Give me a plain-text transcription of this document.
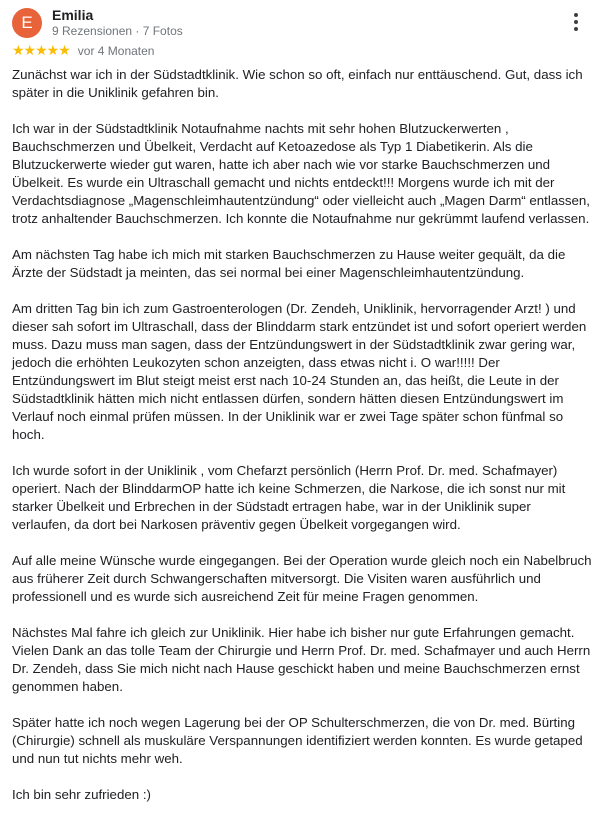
E	Emilia
9 Rezensionen · 7 Fotos
★★★★★ vor 4 Monaten

Zunächst war ich in der Südstadtklinik. Wie schon so oft, einfach nur enttäuschend. Gut, dass ich später in die Uniklinik gefahren bin.

Ich war in der Südstadtklinik Notaufnahme nachts mit sehr hohen Blutzuckerwerten , Bauchschmerzen und Übelkeit, Verdacht auf Ketoazedose als Typ 1 Diabetikerin. Als die Blutzuckerwerte wieder gut waren, hatte ich aber nach wie vor starke Bauchschmerzen und Übelkeit. Es wurde ein Ultraschall gemacht und nichts entdeckt!!! Morgens wurde ich mit der Verdachtsdiagnose „Magenschleimhautentzündung“ oder vielleicht auch „Magen Darm“ entlassen, trotz anhaltender Bauchschmerzen. Ich konnte die Notaufnahme nur gekrümmt laufend verlassen.

Am nächsten Tag habe ich mich mit starken Bauchschmerzen zu Hause weiter gequält, da die Ärzte der Südstadt ja meinten, das sei normal bei einer Magenschleimhautentzündung.

Am dritten Tag bin ich zum Gastroenterologen (Dr. Zendeh, Uniklinik, hervorragender Arzt! ) und dieser sah sofort im Ultraschall, dass der Blinddarm stark entzündet ist und sofort operiert werden muss. Dazu muss man sagen, dass der Entzündungswert in der Südstadtklinik zwar gering war, jedoch die erhöhten Leukozyten schon anzeigten, dass etwas nicht i. O war!!!!! Der Entzündungswert im Blut steigt meist erst nach 10-24 Stunden an, das heißt, die Leute in der Südstadtklinik hätten mich nicht entlassen dürfen, sondern hätten diesen Entzündungswert im Verlauf noch einmal prüfen müssen. In der Uniklinik war er zwei Tage später schon fünfmal so hoch.

Ich wurde sofort in der Uniklinik , vom Chefarzt persönlich (Herrn Prof. Dr. med. Schafmayer) operiert. Nach der BlinddarmOP hatte ich keine Schmerzen, die Narkose, die ich sonst nur mit starker Übelkeit und Erbrechen in der Südstadt ertragen habe, war in der Uniklinik super verlaufen, da dort bei Narkosen präventiv gegen Übelkeit vorgegangen wird.

Auf alle meine Wünsche wurde eingegangen. Bei der Operation wurde gleich noch ein Nabelbruch aus früherer Zeit durch Schwangerschaften mitversorgt. Die Visiten waren ausführlich und professionell und es wurde sich ausreichend Zeit für meine Fragen genommen.

Nächstes Mal fahre ich gleich zur Uniklinik. Hier habe ich bisher nur gute Erfahrungen gemacht. Vielen Dank an das tolle Team der Chirurgie und Herrn Prof. Dr. med. Schafmayer und auch Herrn Dr. Zendeh, dass Sie mich nicht nach Hause geschickt haben und meine Bauchschmerzen ernst genommen haben.

Später hatte ich noch wegen Lagerung bei der OP Schulterschmerzen, die von Dr. med. Bürting (Chirurgie) schnell als muskuläre Verspannungen identifiziert werden konnten. Es wurde getaped und nun tut nichts mehr weh.

Ich bin sehr zufrieden :)
